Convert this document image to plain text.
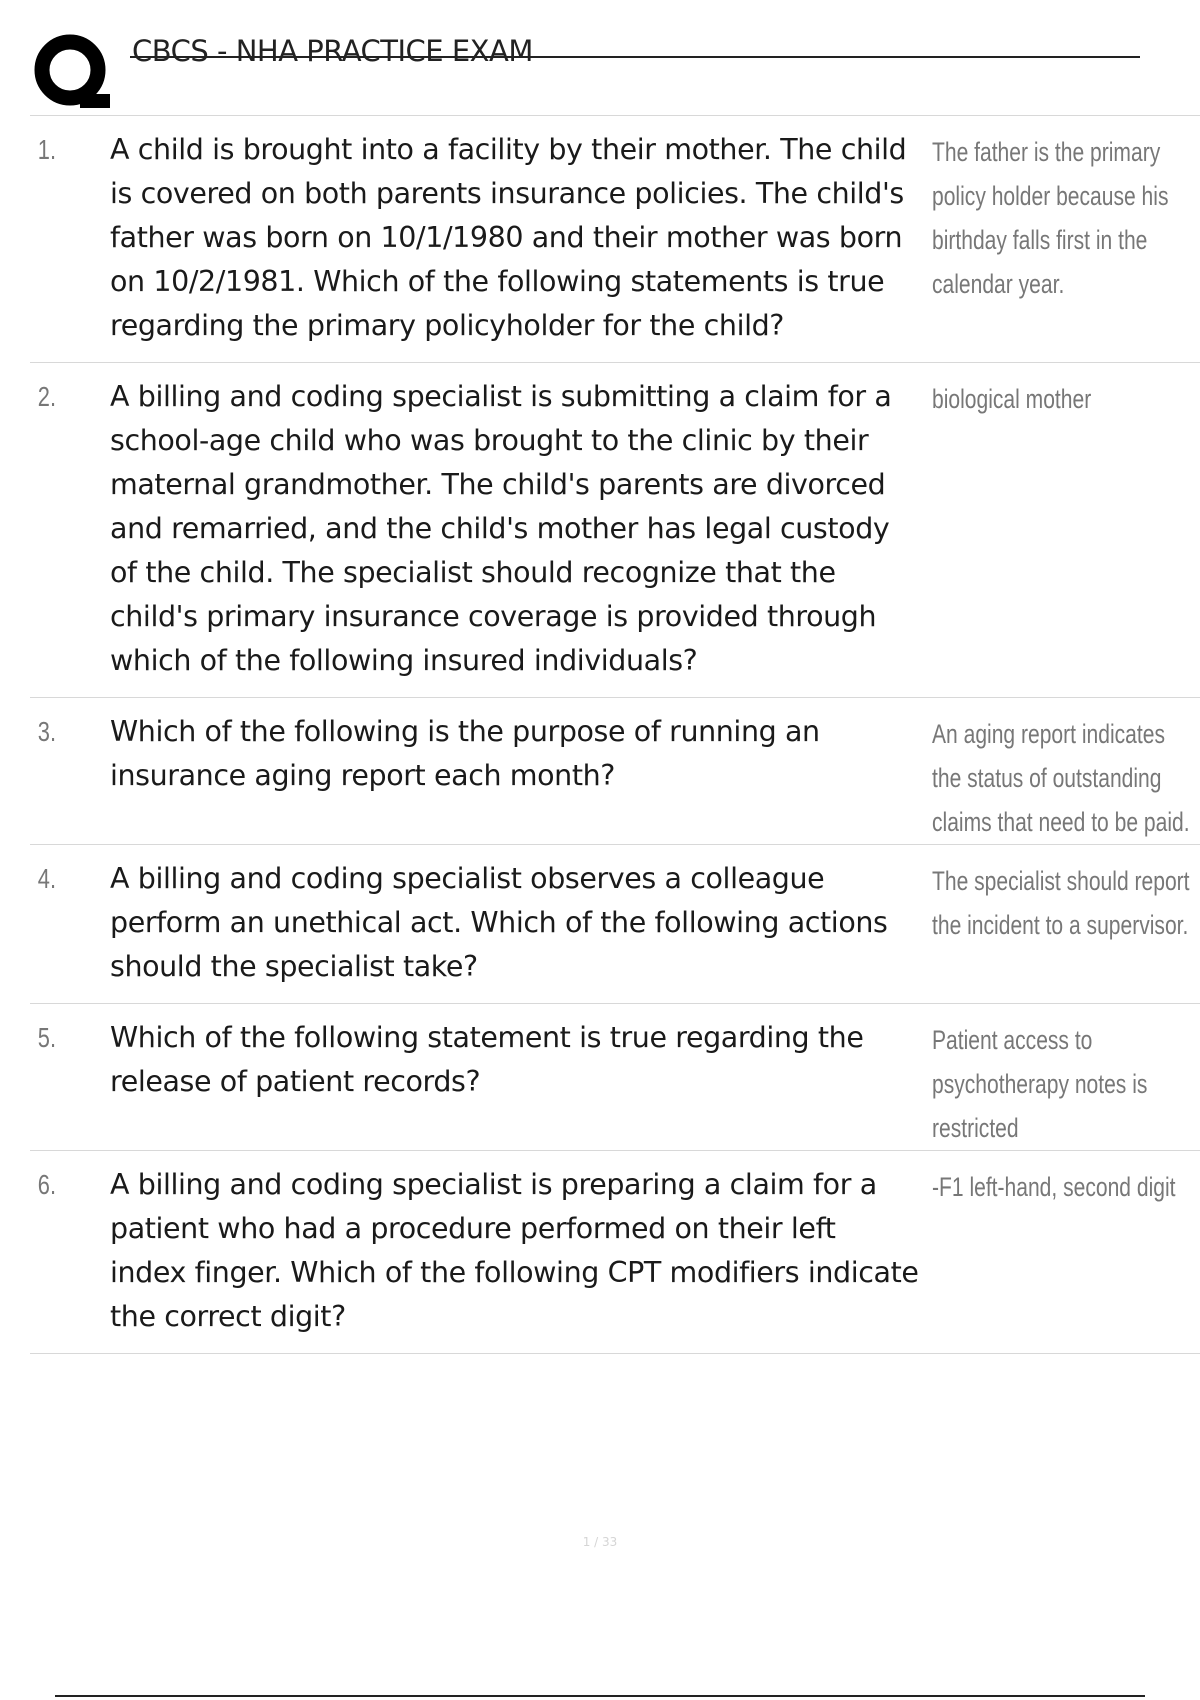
CBCS - NHA PRACTICE EXAM
1.	A child is brought into a facility by their mother. The child is covered on both parents insurance policies. The child's father was born on 10/1/1980 and their mother was born on 10/2/1981. Which of the following statements is true regarding the primary policyholder for the child?
The father is the primary policy holder because his birthday falls first in the calendar year.
2.	A billing and coding specialist is submitting a claim for a school-age child who was brought to the clinic by their maternal grandmother. The child's parents are divorced and remarried, and the child's mother has legal custody of the child. The specialist should recognize that the child's primary insurance coverage is provided through which of the following insured individuals?
biological mother
3.	Which of the following is the purpose of running an insurance aging report each month?
An aging report indicates the status of outstanding claims that need to be paid.
4.	A billing and coding specialist observes a colleague perform an unethical act. Which of the following actions should the specialist take?
The specialist should report the incident to a supervisor.
5.	Which of the following statement is true regarding the release of patient records?
Patient access to psychotherapy notes is restricted
6.	A billing and coding specialist is preparing a claim for a patient who had a procedure performed on their left index finger. Which of the following CPT modifiers indicate the correct digit?
-F1 left-hand, second digit
1 / 33
